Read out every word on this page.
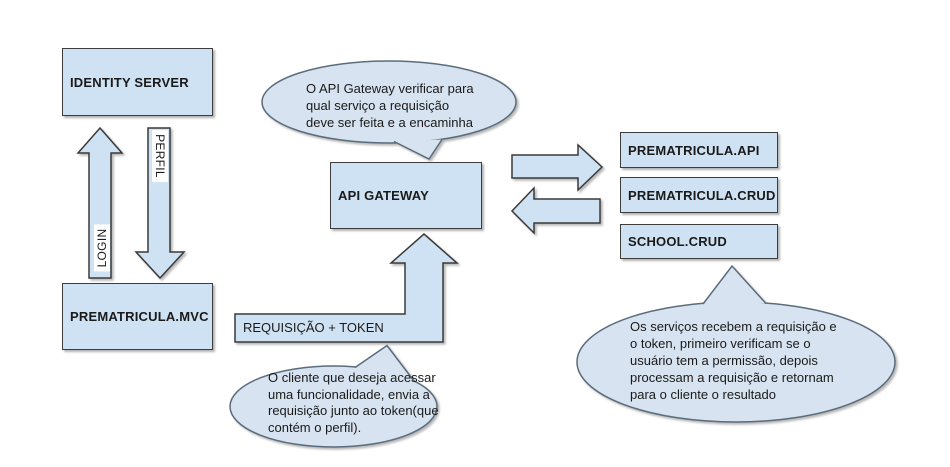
IDENTITY SERVER
PREMATRICULA.MVC
API GATEWAY
PREMATRICULA.API
PREMATRICULA.CRUD
SCHOOL.CRUD
REQUISIÇÃO + TOKEN
LOGIN
PERFIL
O API Gateway verificar para
qual serviço a requisição
deve ser feita e a encaminha
O cliente que deseja acessar
uma funcionalidade, envia a
requisição junto ao token(que
contém o perfil).
Os serviços recebem a requisição e
o token, primeiro verificam se o
usuário tem a permissão, depois
processam a requisição e retornam
para o cliente o resultado
